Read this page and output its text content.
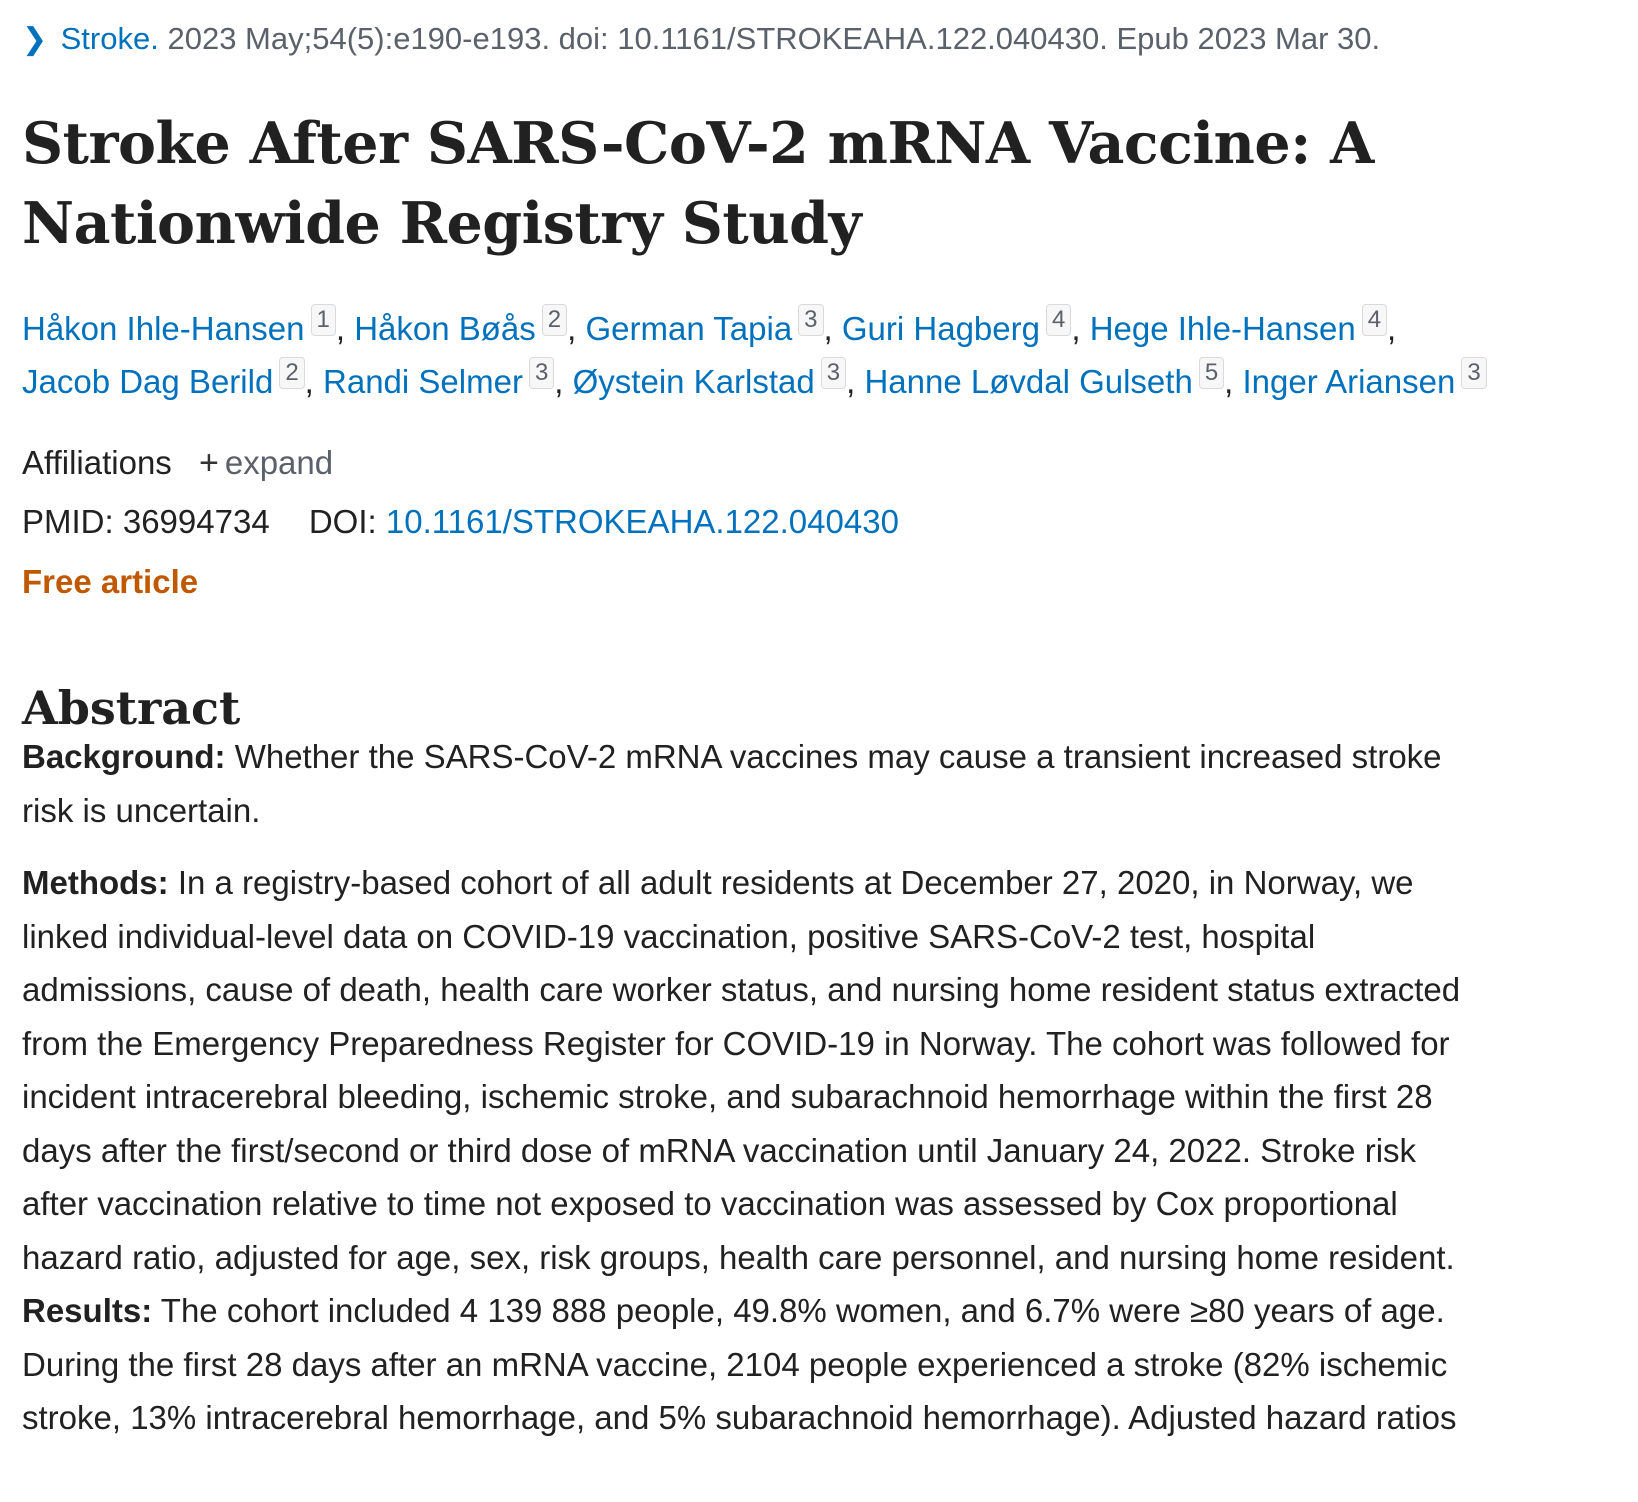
❯ Stroke. 2023 May;54(5):e190-e193. doi: 10.1161/STROKEAHA.122.040430. Epub 2023 Mar 30.
Stroke After SARS-CoV-2 mRNA Vaccine: A
Nationwide Registry Study
Håkon Ihle-Hansen 1 , Håkon Bøås 2 , German Tapia 3 , Guri Hagberg 4 , Hege Ihle-Hansen 4 ,
Jacob Dag Berild 2 , Randi Selmer 3 , Øystein Karlstad 3 , Hanne Løvdal Gulseth 5 , Inger Ariansen 3
Affiliations + expand
PMID: 36994734 DOI: 10.1161/STROKEAHA.122.040430
Free article
Abstract

Background: Whether the SARS-CoV-2 mRNA vaccines may cause a transient increased stroke
risk is uncertain.

Methods: In a registry-based cohort of all adult residents at December 27, 2020, in Norway, we
linked individual-level data on COVID-19 vaccination, positive SARS-CoV-2 test, hospital
admissions, cause of death, health care worker status, and nursing home resident status extracted
from the Emergency Preparedness Register for COVID-19 in Norway. The cohort was followed for
incident intracerebral bleeding, ischemic stroke, and subarachnoid hemorrhage within the first 28
days after the first/second or third dose of mRNA vaccination until January 24, 2022. Stroke risk
after vaccination relative to time not exposed to vaccination was assessed by Cox proportional
hazard ratio, adjusted for age, sex, risk groups, health care personnel, and nursing home resident.

Results: The cohort included 4 139 888 people, 49.8% women, and 6.7% were ≥80 years of age.
During the first 28 days after an mRNA vaccine, 2104 people experienced a stroke (82% ischemic
stroke, 13% intracerebral hemorrhage, and 5% subarachnoid hemorrhage). Adjusted hazard ratios
